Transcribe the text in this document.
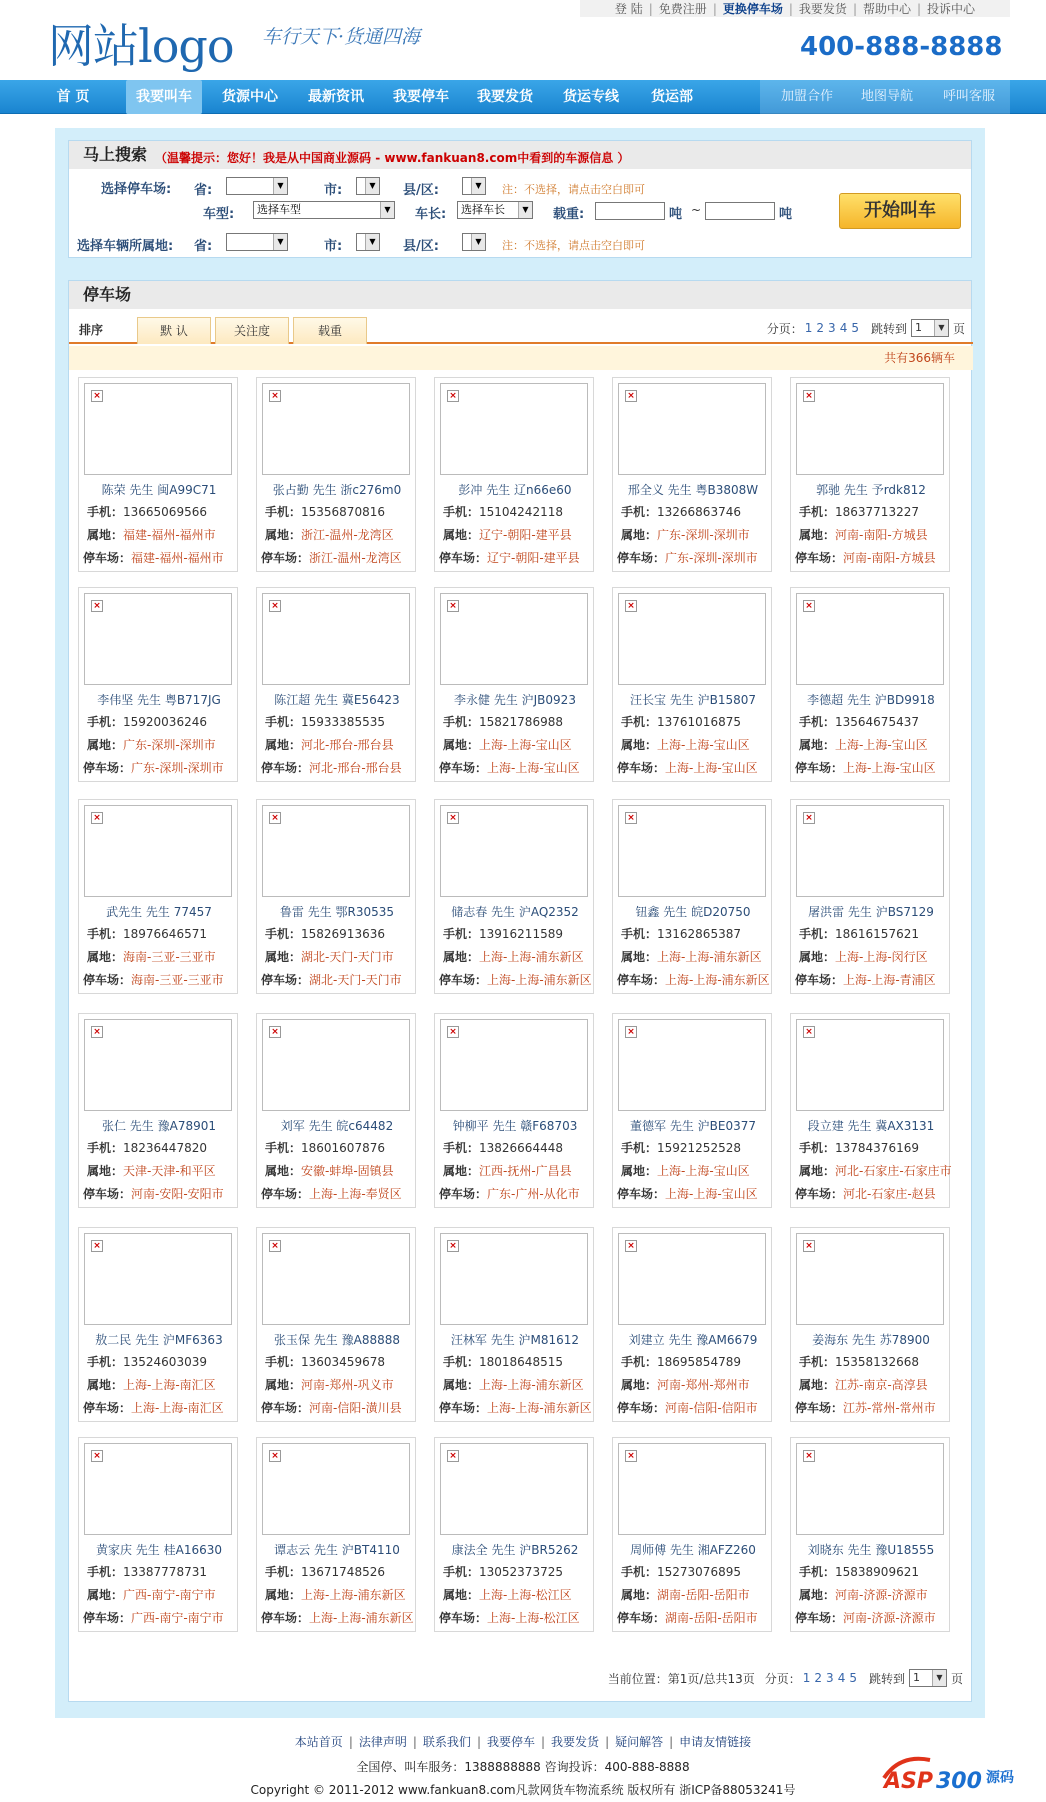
登 陆 | 免费注册 | 更换停车场 | 我要发货 | 帮助中心 | 投诉中心
网站logo 车行天下·货通四海	400-888-8888
首 页	我要叫车	货源中心	最新资讯	我要停车	我要发货	货运专线	货运部	加盟合作	地图导航	呼叫客服
马上搜索 （温馨提示：您好！我是从中国商业源码 - www.fankuan8.com中看到的车源信息 ）
选择停车场: 省:	▼	市:	▼ 县/区:	▼	注：不选择，请点击空白即可
车型:	选择车型	▼ 车长:	选择车长	▼ 载重:	吨 ~	吨
选择车辆所属地: 省:	▼	市:	▼ 县/区:	▼	注：不选择，请点击空白即可
开始叫车
停车场
排序	默 认	关注度	载重	分页： 1 2 3 4 5 跳转到 1	▼ 页
共有366辆车
×
陈荣 先生 闽A99C71
手机：13665069566
属地：福建-福州-福州市
停车场：福建-福州-福州市
×
张占勤 先生 浙c276m0
手机：15356870816
属地：浙江-温州-龙湾区
停车场：浙江-温州-龙湾区
×
彭冲 先生 辽n66e60
手机：15104242118
属地：辽宁-朝阳-建平县
停车场：辽宁-朝阳-建平县
×
邢全义 先生 粤B3808W
手机：13266863746
属地：广东-深圳-深圳市
停车场：广东-深圳-深圳市
×
郭驰 先生 予rdk812
手机：18637713227
属地：河南-南阳-方城县
停车场：河南-南阳-方城县
×
李伟坚 先生 粤B717JG
手机：15920036246
属地：广东-深圳-深圳市
停车场：广东-深圳-深圳市
×
陈江超 先生 冀E56423
手机：15933385535
属地：河北-邢台-邢台县
停车场：河北-邢台-邢台县
×
李永健 先生 沪JB0923
手机：15821786988
属地：上海-上海-宝山区
停车场：上海-上海-宝山区
×
汪长宝 先生 沪B15807
手机：13761016875
属地：上海-上海-宝山区
停车场：上海-上海-宝山区
×
李德超 先生 沪BD9918
手机：13564675437
属地：上海-上海-宝山区
停车场：上海-上海-宝山区
×
武先生 先生 77457
手机：18976646571
属地：海南-三亚-三亚市
停车场：海南-三亚-三亚市
×
鲁雷 先生 鄂R30535
手机：15826913636
属地：湖北-天门-天门市
停车场：湖北-天门-天门市
×
储志春 先生 沪AQ2352
手机：13916211589
属地：上海-上海-浦东新区
停车场：上海-上海-浦东新区
×
钮鑫 先生 皖D20750
手机：13162865387
属地：上海-上海-浦东新区
停车场：上海-上海-浦东新区
×
屠洪雷 先生 沪BS7129
手机：18616157621
属地：上海-上海-闵行区
停车场：上海-上海-青浦区
×
张仁 先生 豫A78901
手机：18236447820
属地：天津-天津-和平区
停车场：河南-安阳-安阳市
×
刘军 先生 皖c64482
手机：18601607876
属地：安徽-蚌埠-固镇县
停车场：上海-上海-奉贤区
×
钟柳平 先生 赣F68703
手机：13826664448
属地：江西-抚州-广昌县
停车场：广东-广州-从化市
×
董德军 先生 沪BE0377
手机：15921252528
属地：上海-上海-宝山区
停车场：上海-上海-宝山区
×
段立建 先生 冀AX3131
手机：13784376169
属地：河北-石家庄-石家庄市
停车场：河北-石家庄-赵县
×
敖二民 先生 沪MF6363
手机：13524603039
属地：上海-上海-南汇区
停车场：上海-上海-南汇区
×
张玉保 先生 豫A88888
手机：13603459678
属地：河南-郑州-巩义市
停车场：河南-信阳-潢川县
×
汪林军 先生 沪M81612
手机：18018648515
属地：上海-上海-浦东新区
停车场：上海-上海-浦东新区
×
刘建立 先生 豫AM6679
手机：18695854789
属地：河南-郑州-郑州市
停车场：河南-信阳-信阳市
×
姜海东 先生 苏78900
手机：15358132668
属地：江苏-南京-高淳县
停车场：江苏-常州-常州市
×
黄家庆 先生 桂A16630
手机：13387778731
属地：广西-南宁-南宁市
停车场：广西-南宁-南宁市
×
谭志云 先生 沪BT4110
手机：13671748526
属地：上海-上海-浦东新区
停车场：上海-上海-浦东新区
×
康法全 先生 沪BR5262
手机：13052373725
属地：上海-上海-松江区
停车场：上海-上海-松江区
×
周师傅 先生 湘AFZ260
手机：15273076895
属地：湖南-岳阳-岳阳市
停车场：湖南-岳阳-岳阳市
×
刘晓东 先生 豫U18555
手机：15838909621
属地：河南-济源-济源市
停车场：河南-济源-济源市
当前位置：第1页/总共13页 分页： 1 2 3 4 5 跳转到 1	▼ 页
本站首页 | 法律声明 | 联系我们 | 我要停车 | 我要发货 | 疑问解答 | 申请友情链接
全国停、叫车服务：1388888888 咨询投诉：400-888-8888
Copyright © 2011-2012 www.fankuan8.com凡款网货车物流系统 版权所有 浙ICP备88053241号	ASP 300 源码
